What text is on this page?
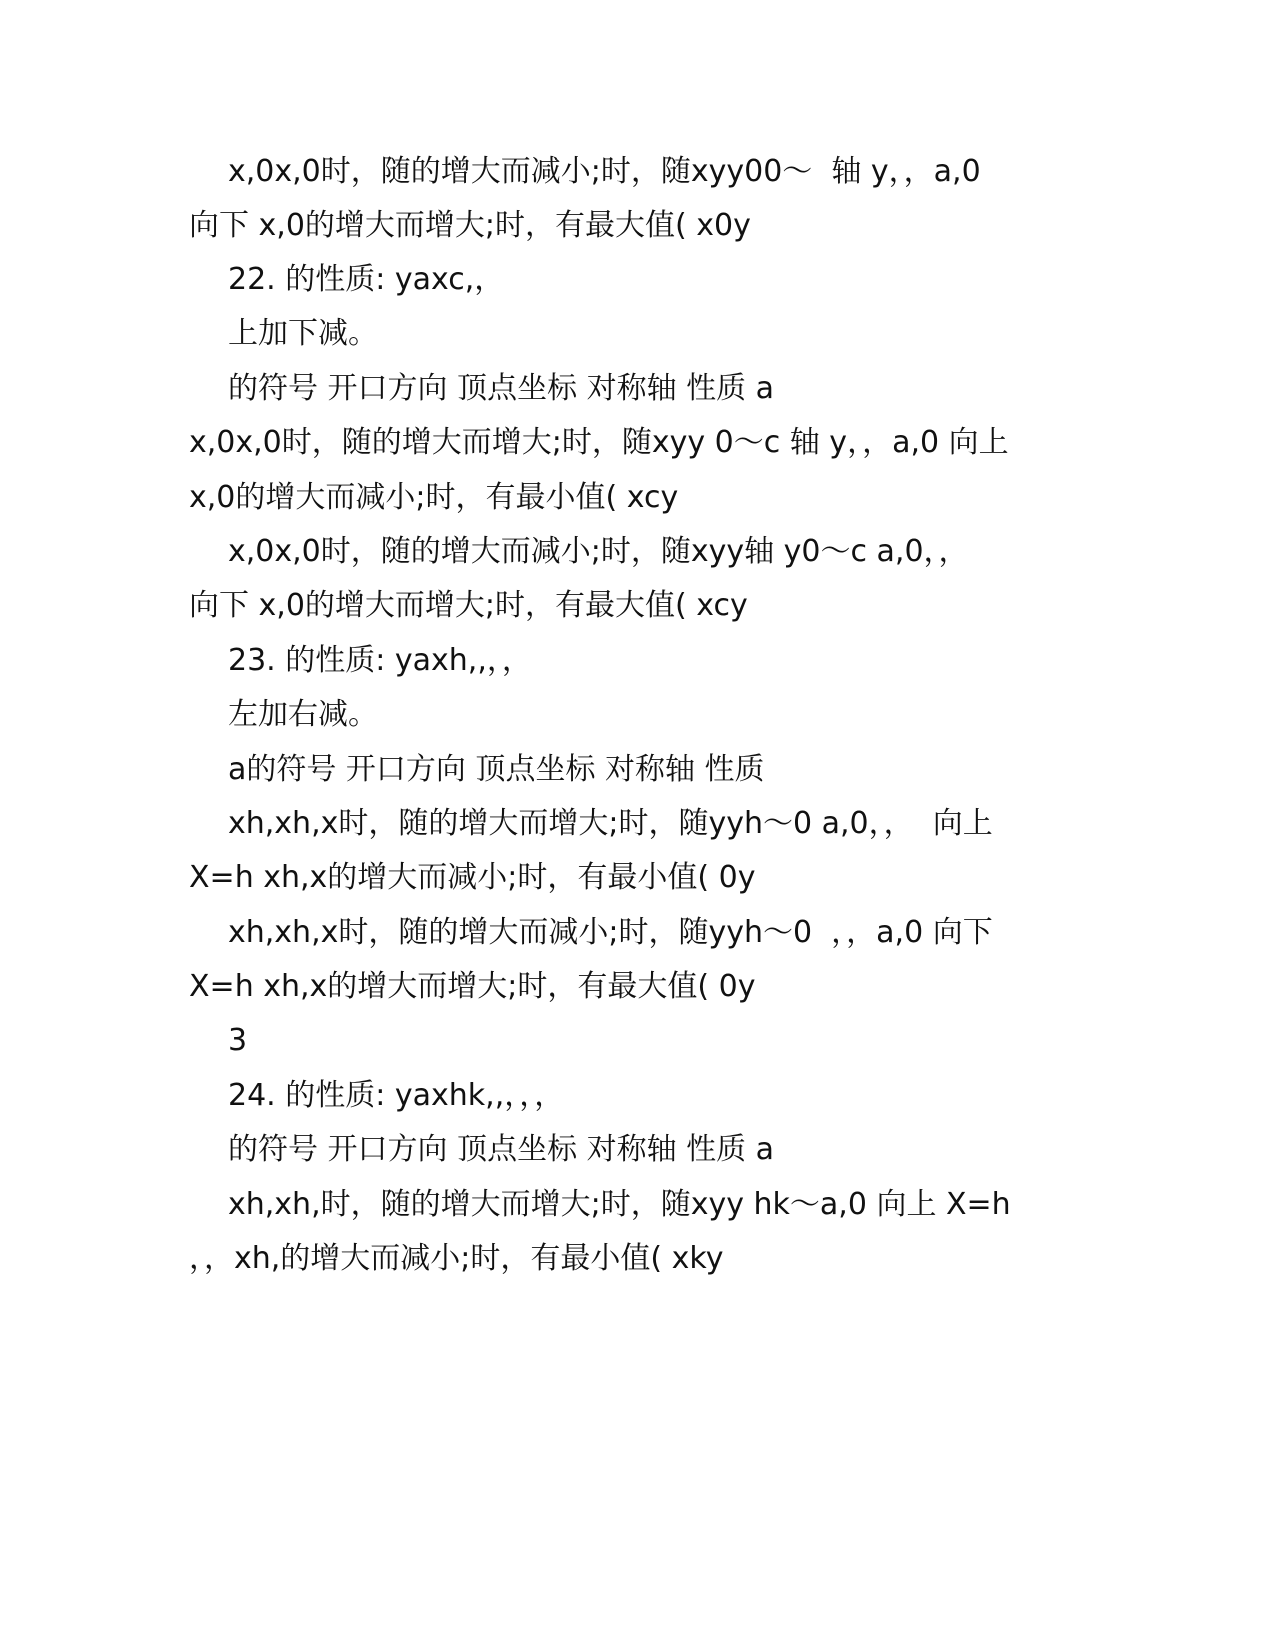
x,0x,0时，随的增大而减小;时，随xyy00～  轴 y，，a,0
向下 x,0的增大而增大;时，有最大值( x0y
22. 的性质: yaxc,，
上加下减。
的符号 开口方向 顶点坐标 对称轴 性质 a
x,0x,0时，随的增大而增大;时，随xyy 0～c 轴 y，，a,0 向上
x,0的增大而减小;时，有最小值( xcy
x,0x,0时，随的增大而减小;时，随xyy轴 y0～c a,0，，
向下 x,0的增大而增大;时，有最大值( xcy
23. 的性质: yaxh,,，，
左加右减。
a的符号 开口方向 顶点坐标 对称轴 性质
xh,xh,x时，随的增大而增大;时，随yyh～0 a,0，，  向上
X=h xh,x的增大而减小;时，有最小值( 0y
xh,xh,x时，随的增大而减小;时，随yyh～0  ，，a,0 向下
X=h xh,x的增大而增大;时，有最大值( 0y
3
24. 的性质: yaxhk,,，，，
的符号 开口方向 顶点坐标 对称轴 性质 a
xh,xh,时，随的增大而增大;时，随xyy hk～a,0 向上 X=h
，，xh,的增大而减小;时，有最小值( xky
